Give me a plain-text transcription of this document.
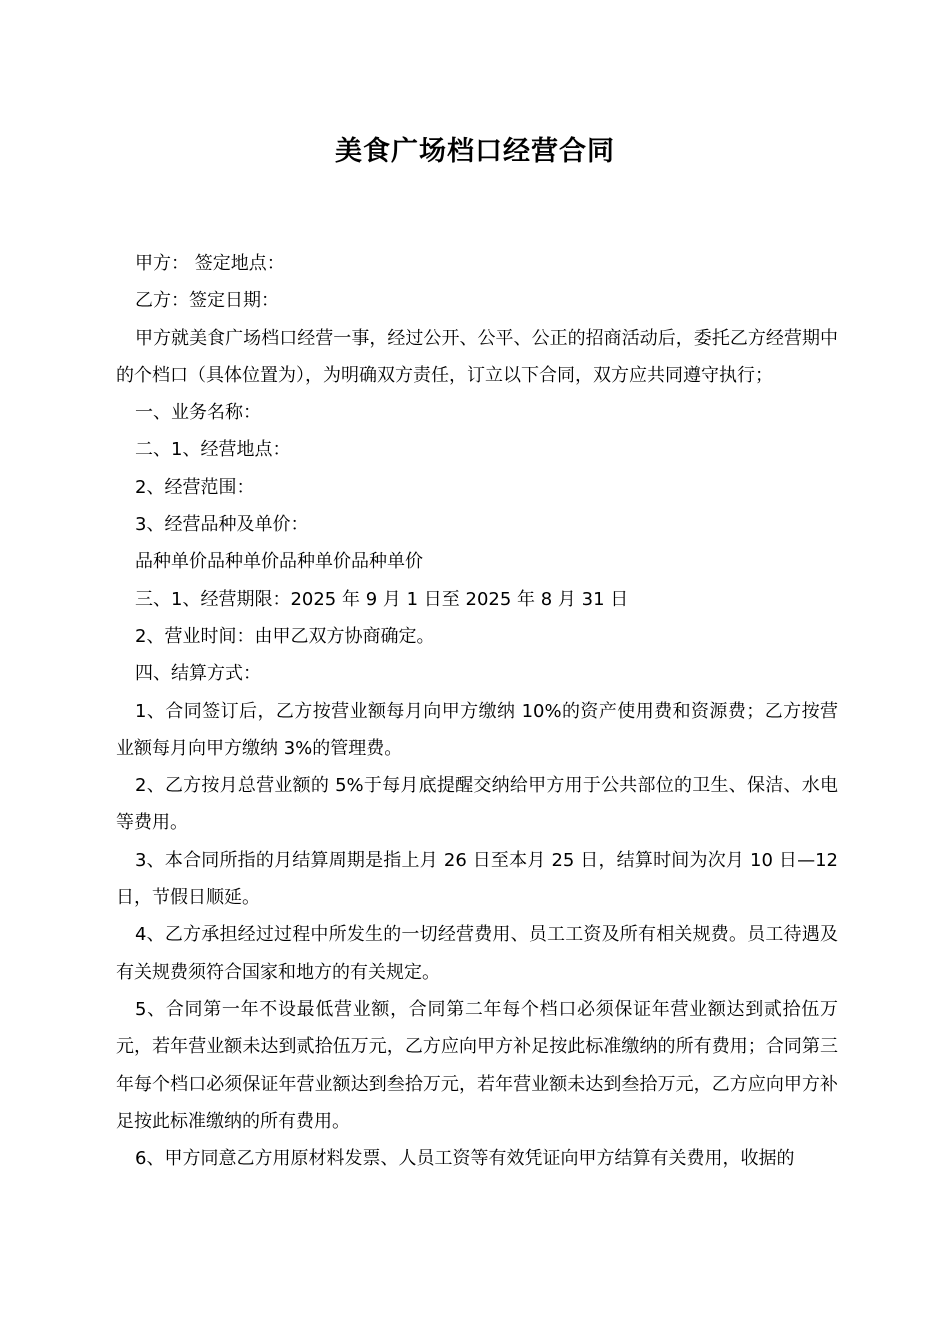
美食广场档口经营合同

甲方： 签定地点：

乙方：签定日期：

甲方就美食广场档口经营一事，经过公开、公平、公正的招商活动后，委托乙方经营期中的个档口（具体位置为），为明确双方责任，订立以下合同，双方应共同遵守执行；

一、业务名称：

二、1、经营地点：

2、经营范围：

3、经营品种及单价：

品种单价品种单价品种单价品种单价

三、1、经营期限：2025 年 9 月 1 日至 2025 年 8 月 31 日

2、营业时间：由甲乙双方协商确定。

四、结算方式：

1、合同签订后，乙方按营业额每月向甲方缴纳 10%的资产使用费和资源费；乙方按营业额每月向甲方缴纳 3%的管理费。

2、乙方按月总营业额的 5%于每月底提醒​交纳给甲方用于公共部位的卫生、保洁、水电等费用。

3、本合同所指的月结算周期是指上月 26 日至本月 25 日，结算时间为次月 10 日—12 日，节假日顺延。

4、乙方承担经过过程中所发生的一切经营费用、员工工资及所有相关规费。员工待遇及有关规费须符合国家和地方的有关规定。

5、合同第一年不设最低营业额，合同第二年每个档口必须保证年营业额达到贰拾伍万元，若年营业额未达到贰拾伍万元，乙方应向甲方补足按此标准缴纳的所有费用；合同第三年每个档口必须保证年营业额达到叁拾万元，若年营业额未达到叁拾万元，乙方应向甲方补足按此标准缴纳的所有费用。

6、甲方同意乙方用原材料发票、人员工资等有效凭证向甲方结算有关费用，收据的
